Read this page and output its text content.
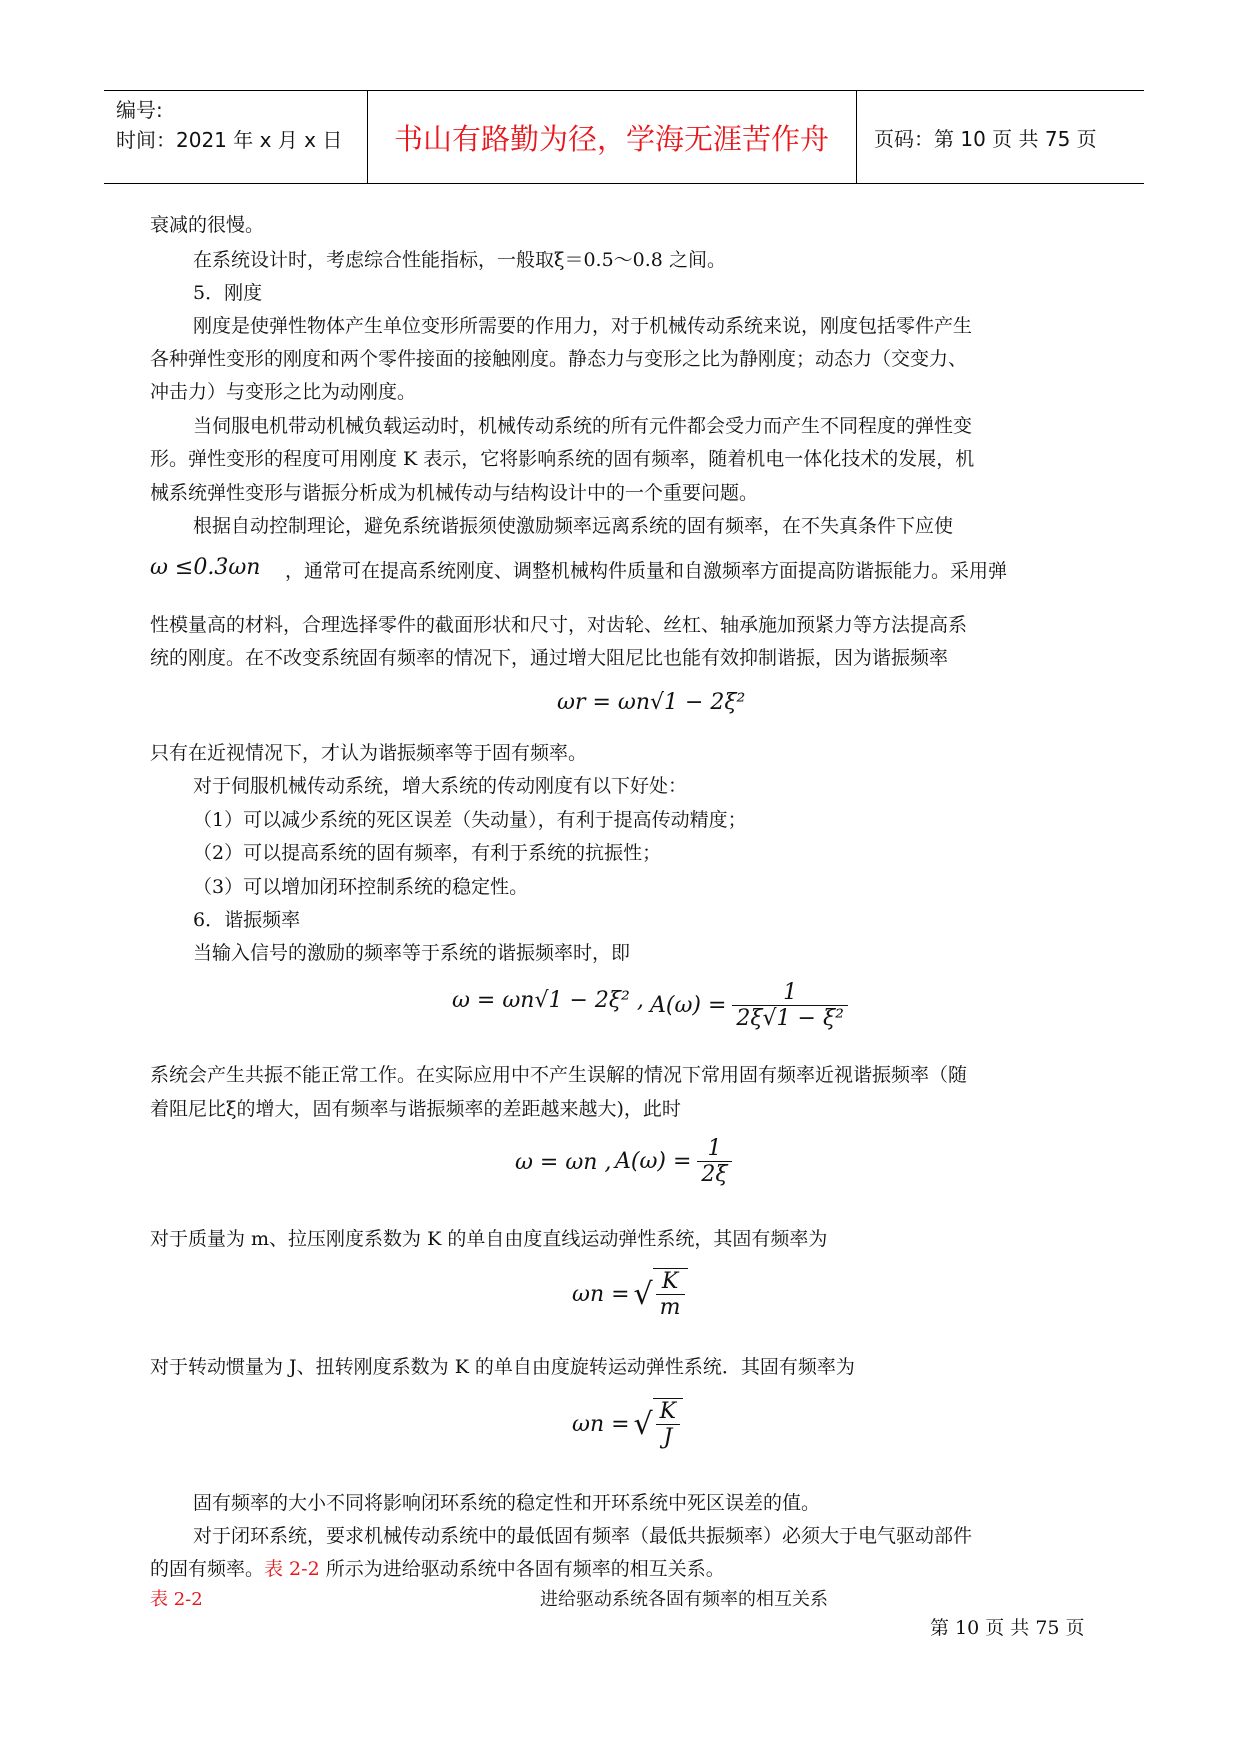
编号:
时间：2021 年 x 月 x 日	书山有路勤为径，学海无涯苦作舟	页码：第 10 页 共 75 页
衰减的很慢。
在系统设计时，考虑综合性能指标，一般取ξ＝0.5～0.8 之间。
5．刚度
刚度是使弹性物体产生单位变形所需要的作用力，对于机械传动系统来说，刚度包括零件产生
各种弹性变形的刚度和两个零件接面的接触刚度。静态力与变形之比为静刚度；动态力（交变力、
冲击力）与变形之比为动刚度。
当伺服电机带动机械负载运动时，机械传动系统的所有元件都会受力而产生不同程度的弹性变
形。弹性变形的程度可用刚度 K 表示，它将影响系统的固有频率，随着机电一体化技术的发展，机
械系统弹性变形与谐振分析成为机械传动与结构设计中的一个重要问题。
根据自动控制理论，避免系统谐振须使激励频率远离系统的固有频率，在不失真条件下应使
ω ≤0.3ωn ，通常可在提高系统刚度、调整机械构件质量和自激频率方面提高防谐振能力。采用弹
性模量高的材料，合理选择零件的截面形状和尺寸，对齿轮、丝杠、轴承施加预紧力等方法提高系
统的刚度。在不改变系统固有频率的情况下，通过增大阻尼比也能有效抑制谐振，因为谐振频率
ωr = ωn√1 − 2ξ²
只有在近视情况下，才认为谐振频率等于固有频率。
对于伺服机械传动系统，增大系统的传动刚度有以下好处：
（1）可以减少系统的死区误差（失动量），有利于提高传动精度；
（2）可以提高系统的固有频率，有利于系统的抗振性；
（3）可以增加闭环控制系统的稳定性。
6．谐振频率
当输入信号的激励的频率等于系统的谐振频率时，即
ω = ωn√1 − 2ξ² , $A(\omega) = \frac{1}{\text{2ξ√1 − ξ²}}$
系统会产生共振不能正常工作。在实际应用中不产生误解的情况下常用固有频率近视谐振频率（随
着阻尼比ξ的增大，固有频率与谐振频率的差距越来越大)，此时
ω = ωn , $A(\omega) = \frac{1}{2\xi}$
对于质量为 m、拉压刚度系数为 K 的单自由度直线运动弹性系统，其固有频率为
ωn = √ $\frac{K}{m}$
对于转动惯量为 J、扭转刚度系数为 K 的单自由度旋转运动弹性系统．其固有频率为
ωn = √ $\frac{K}{J}$
固有频率的大小不同将影响闭环系统的稳定性和开环系统中死区误差的值。
对于闭环系统，要求机械传动系统中的最低固有频率（最低共振频率）必须大于电气驱动部件
的固有频率。表 2-2 所示为进给驱动系统中各固有频率的相互关系。
表 2-2	进给驱动系统各固有频率的相互关系
第 10 页 共 75 页
